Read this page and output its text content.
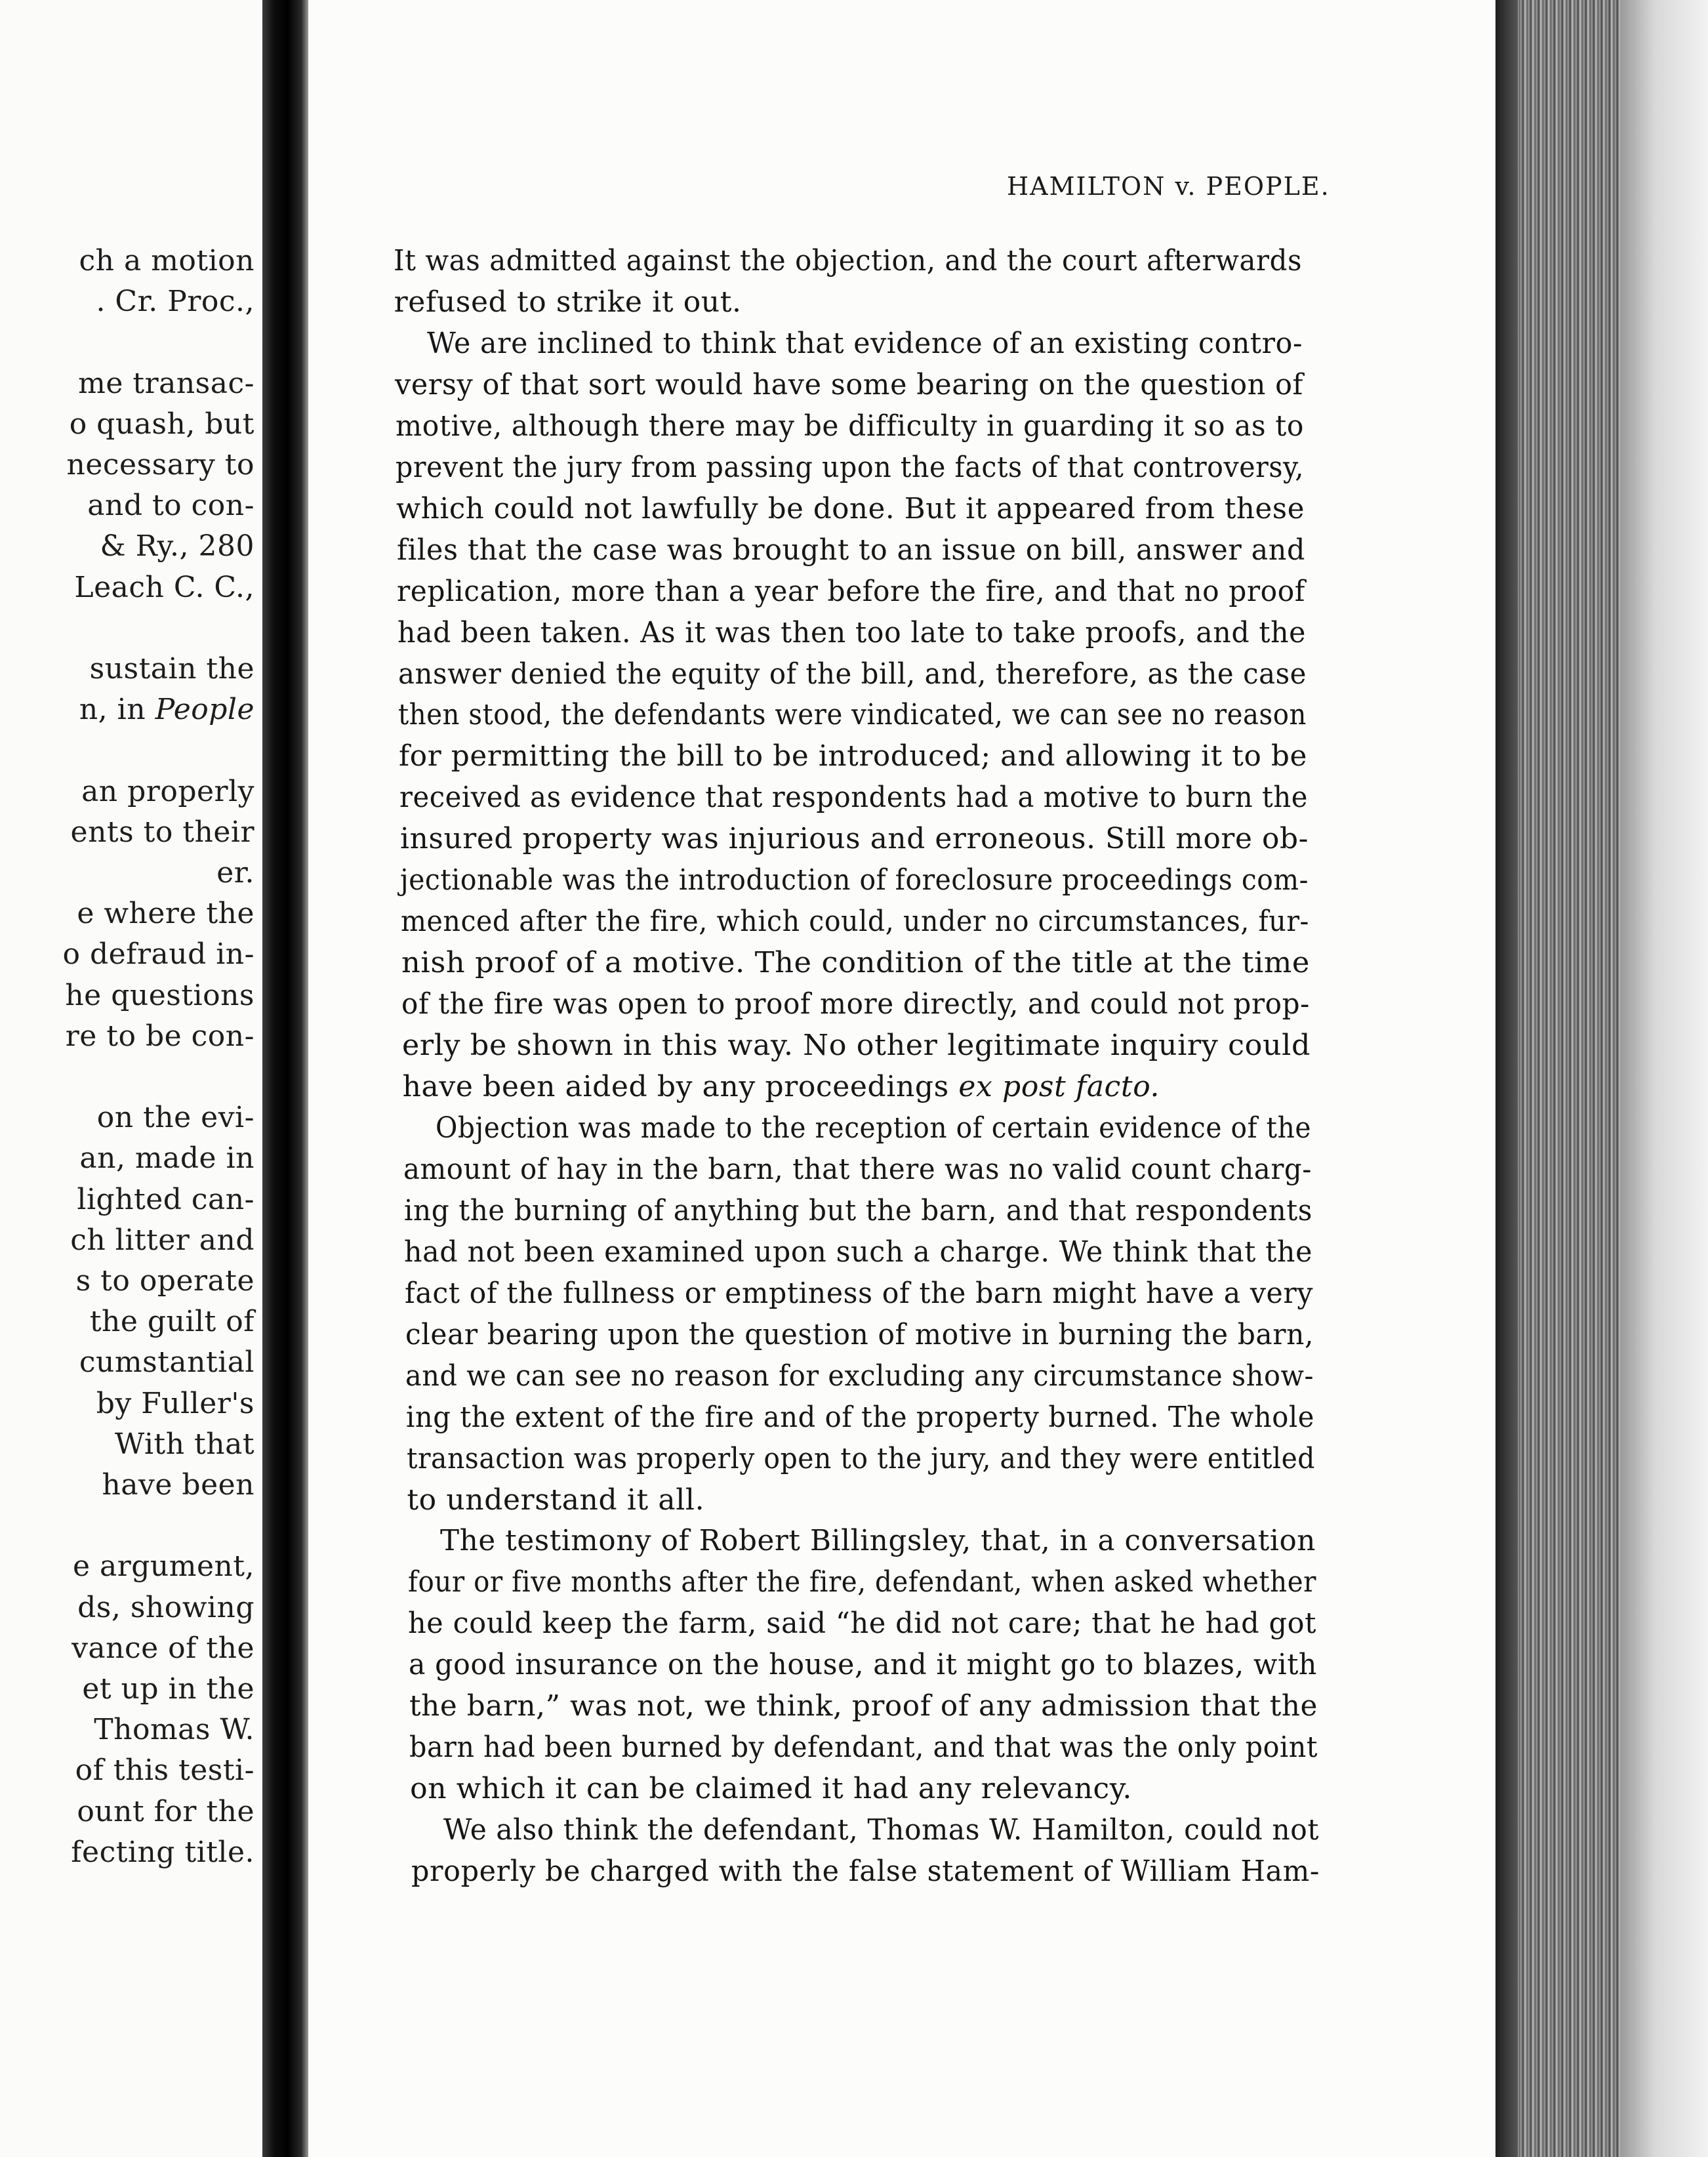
ch a motion
. Cr. Proc.,
me transac-
o quash, but
necessary to
and to con-
& Ry., 280
Leach C. C.,
sustain the
n, in People
an properly
ents to their
er.
e where the
o defraud in-
he questions
re to be con-
on the evi-
an, made in
lighted can-
ch litter and
s to operate
the guilt of
cumstantial
by Fuller's
With that
have been
e argument,
ds, showing
vance of the
et up in the
Thomas W.
of this testi-
ount for the
fecting title.
HAMILTON v. PEOPLE.
It was admitted against the objection, and the court afterwards
refused to strike it out.
We are inclined to think that evidence of an existing contro-
versy of that sort would have some bearing on the question of
motive, although there may be difficulty in guarding it so as to
prevent the jury from passing upon the facts of that controversy,
which could not lawfully be done. But it appeared from these
files that the case was brought to an issue on bill, answer and
replication, more than a year before the fire, and that no proof
had been taken. As it was then too late to take proofs, and the
answer denied the equity of the bill, and, therefore, as the case
then stood, the defendants were vindicated, we can see no reason
for permitting the bill to be introduced; and allowing it to be
received as evidence that respondents had a motive to burn the
insured property was injurious and erroneous. Still more ob-
jectionable was the introduction of foreclosure proceedings com-
menced after the fire, which could, under no circumstances, fur-
nish proof of a motive. The condition of the title at the time
of the fire was open to proof more directly, and could not prop-
erly be shown in this way. No other legitimate inquiry could
have been aided by any proceedings ex post facto.
Objection was made to the reception of certain evidence of the
amount of hay in the barn, that there was no valid count charg-
ing the burning of anything but the barn, and that respondents
had not been examined upon such a charge. We think that the
fact of the fullness or emptiness of the barn might have a very
clear bearing upon the question of motive in burning the barn,
and we can see no reason for excluding any circumstance show-
ing the extent of the fire and of the property burned. The whole
transaction was properly open to the jury, and they were entitled
to understand it all.
The testimony of Robert Billingsley, that, in a conversation
four or five months after the fire, defendant, when asked whether
he could keep the farm, said “he did not care; that he had got
a good insurance on the house, and it might go to blazes, with
the barn,” was not, we think, proof of any admission that the
barn had been burned by defendant, and that was the only point
on which it can be claimed it had any relevancy.
We also think the defendant, Thomas W. Hamilton, could not
properly be charged with the false statement of William Ham-
